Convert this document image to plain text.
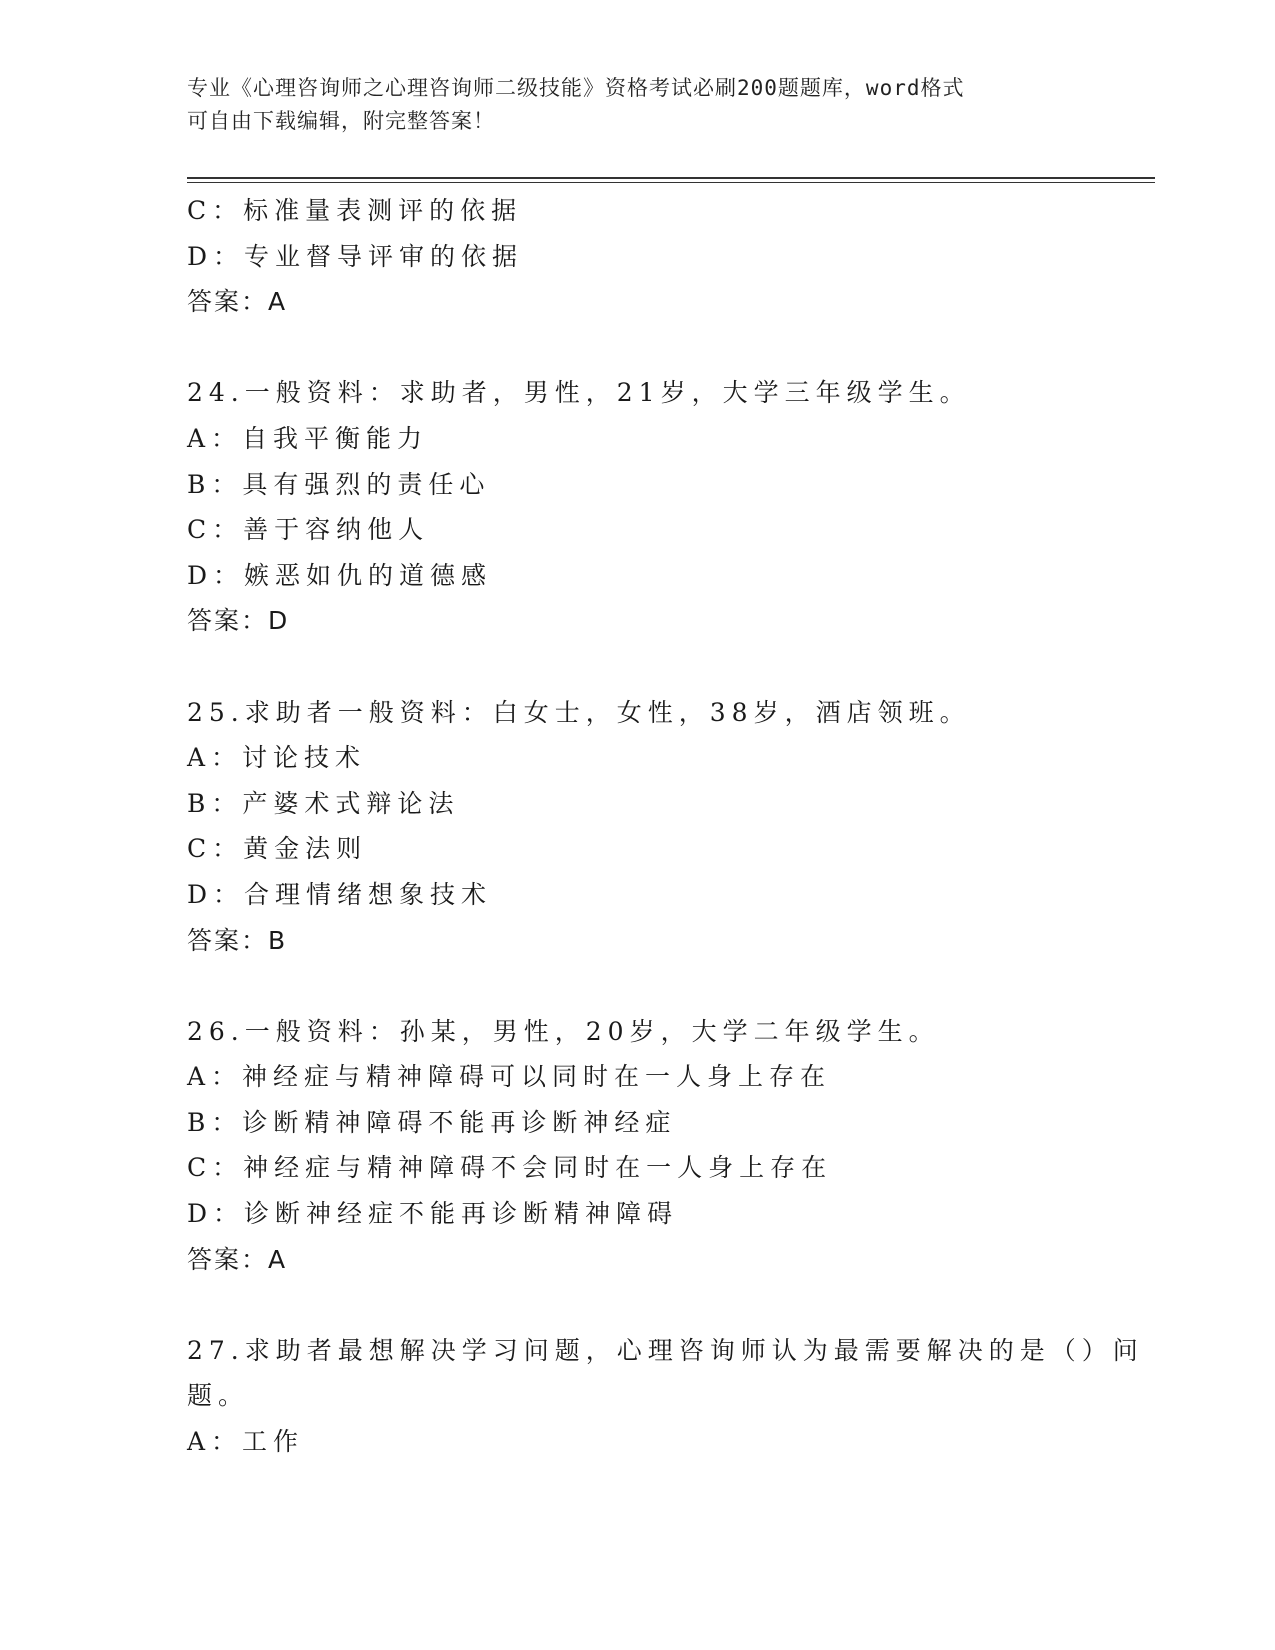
专业《心理咨询师之心理咨询师二级技能》资格考试必刷200题题库，word格式
可自由下载编辑，附完整答案！
C：标准量表测评的依据
D：专业督导评审的依据
答案：A
24.一般资料：求助者，男性，21岁，大学三年级学生。
A：自我平衡能力
B：具有强烈的责任心
C：善于容纳他人
D：嫉恶如仇的道德感
答案：D
25.求助者一般资料：白女士，女性，38岁，酒店领班。
A：讨论技术
B：产婆术式辩论法
C：黄金法则
D：合理情绪想象技术
答案：B
26.一般资料：孙某，男性，20岁，大学二年级学生。
A：神经症与精神障碍可以同时在一人身上存在
B：诊断精神障碍不能再诊断神经症
C：神经症与精神障碍不会同时在一人身上存在
D：诊断神经症不能再诊断精神障碍
答案：A
27.求助者最想解决学习问题，心理咨询师认为最需要解决的是（）问
题。
A：工作
